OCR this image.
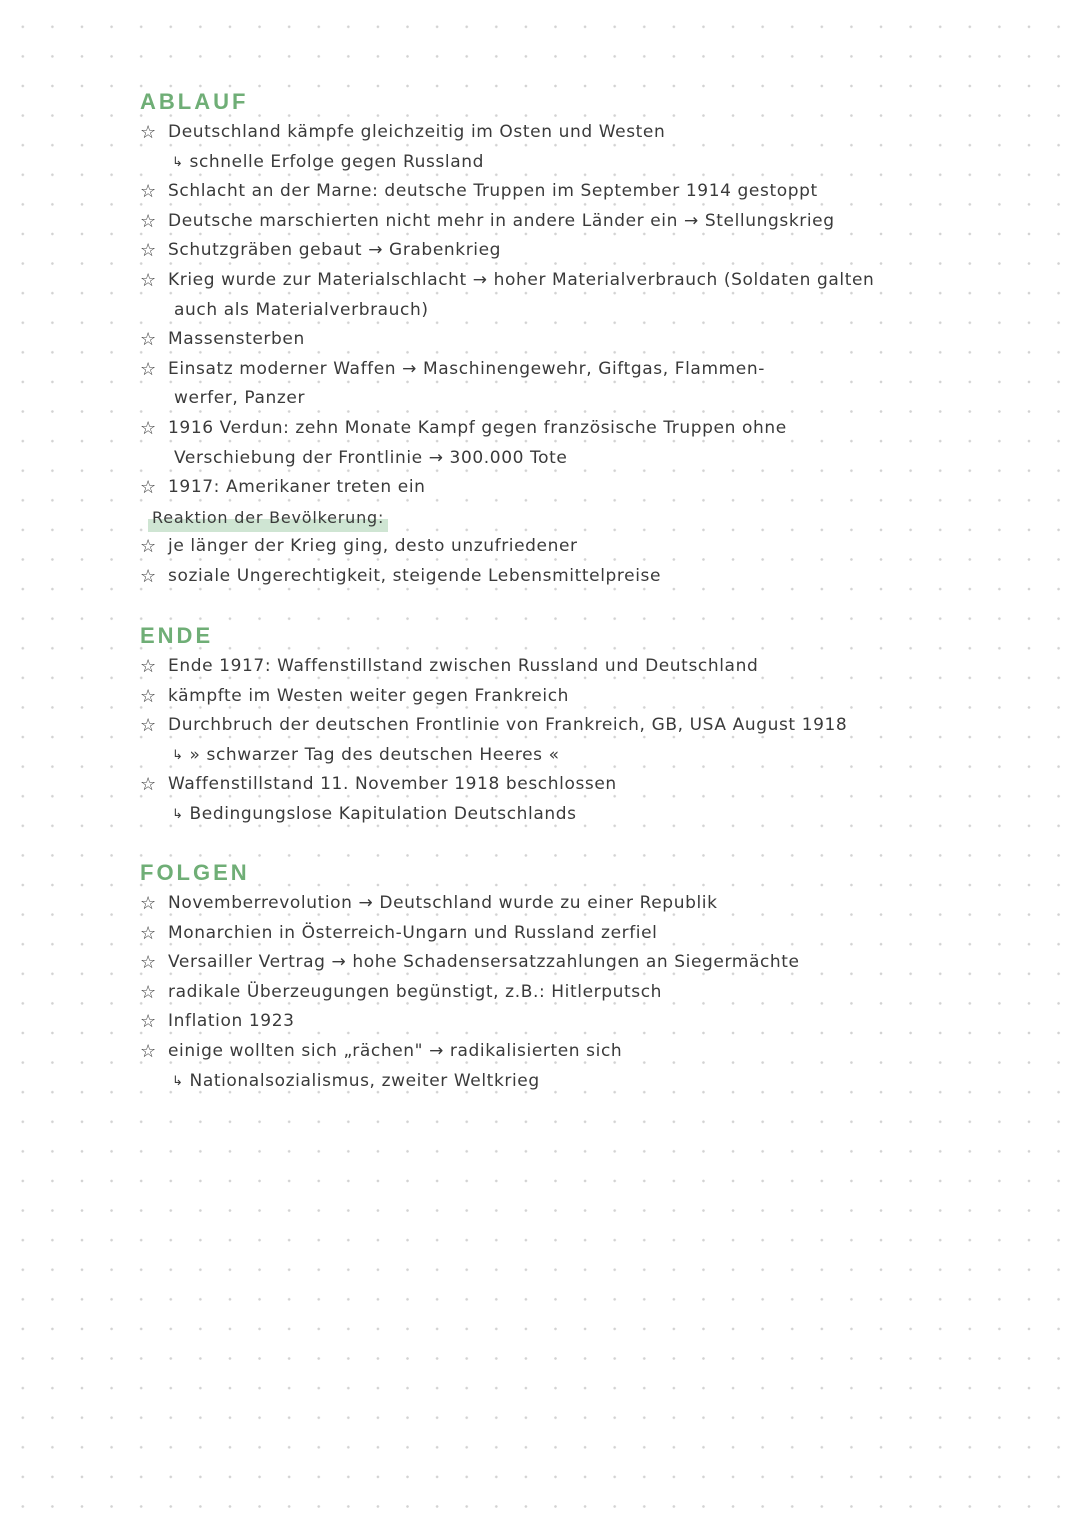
ABLAUF
☆ Deutschland kämpfe gleichzeitig im Osten und Westen
↳ schnelle Erfolge gegen Russland
☆ Schlacht an der Marne: deutsche Truppen im September 1914 gestoppt
☆ Deutsche marschierten nicht mehr in andere Länder ein → Stellungskrieg
☆ Schutzgräben gebaut → Grabenkrieg
☆ Krieg wurde zur Materialschlacht → hoher Materialverbrauch (Soldaten galten
auch als Materialverbrauch)
☆ Massensterben
☆ Einsatz moderner Waffen → Maschinengewehr, Giftgas, Flammen-
werfer, Panzer
☆ 1916 Verdun: zehn Monate Kampf gegen französische Truppen ohne
Verschiebung der Frontlinie → 300.000 Tote
☆ 1917: Amerikaner treten ein
Reaktion der Bevölkerung:
☆ je länger der Krieg ging, desto unzufriedener
☆ soziale Ungerechtigkeit, steigende Lebensmittelpreise
ENDE
☆ Ende 1917: Waffenstillstand zwischen Russland und Deutschland
☆ kämpfte im Westen weiter gegen Frankreich
☆ Durchbruch der deutschen Frontlinie von Frankreich, GB, USA August 1918
↳ » schwarzer Tag des deutschen Heeres «
☆ Waffenstillstand 11. November 1918 beschlossen
↳ Bedingungslose Kapitulation Deutschlands
FOLGEN
☆ Novemberrevolution → Deutschland wurde zu einer Republik
☆ Monarchien in Österreich-Ungarn und Russland zerfiel
☆ Versailler Vertrag → hohe Schadensersatzzahlungen an Siegermächte
☆ radikale Überzeugungen begünstigt, z.B.: Hitlerputsch
☆ Inflation 1923
☆ einige wollten sich „rächen" → radikalisierten sich
↳ Nationalsozialismus, zweiter Weltkrieg
